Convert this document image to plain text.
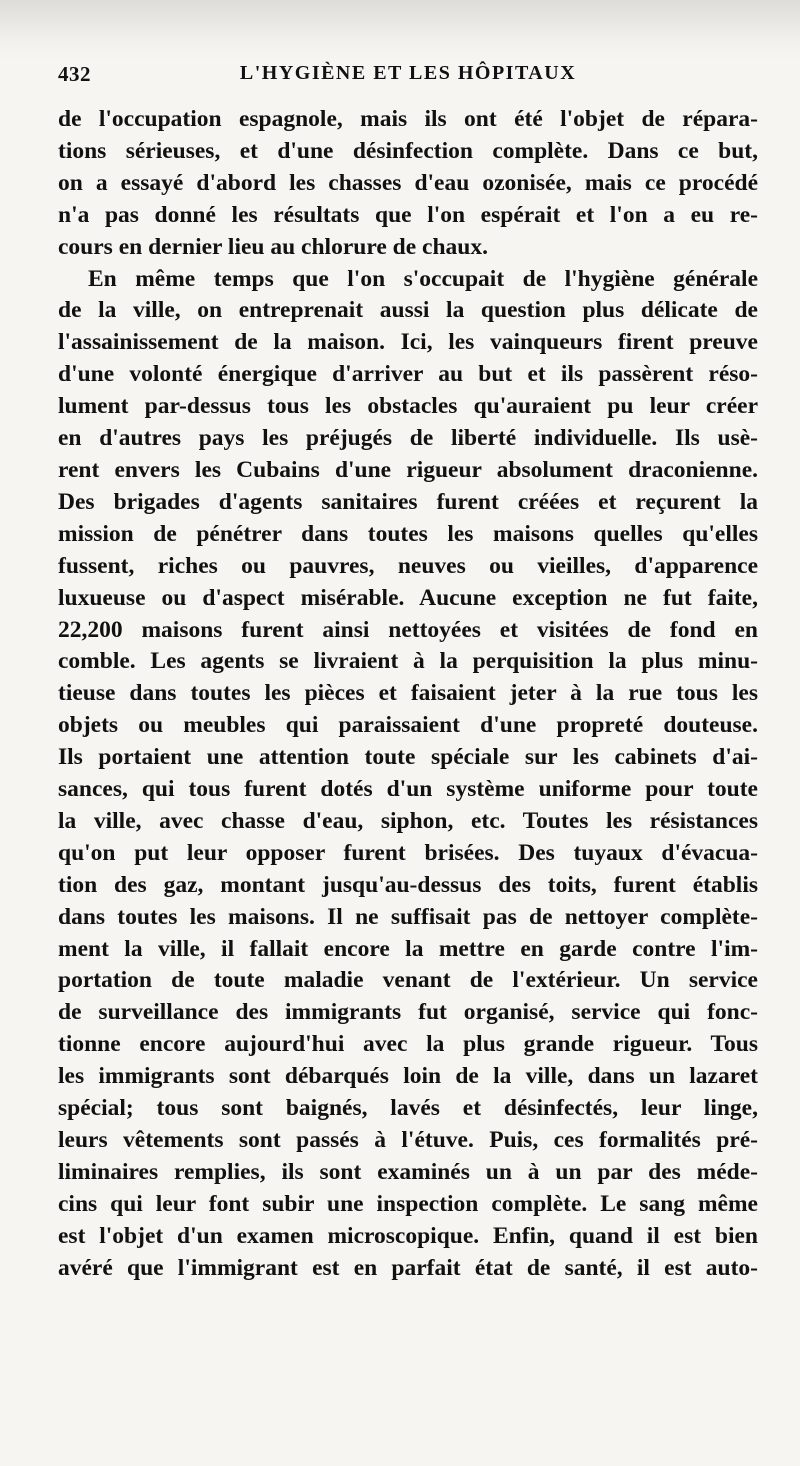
432	L'HYGIÈNE ET LES HÔPITAUX
de l'occupation espagnole, mais ils ont été l'objet de répara-
tions sérieuses, et d'une désinfection complète. Dans ce but,
on a essayé d'abord les chasses d'eau ozonisée, mais ce procédé
n'a pas donné les résultats que l'on espérait et l'on a eu re-
cours en dernier lieu au chlorure de chaux.
En même temps que l'on s'occupait de l'hygiène générale
de la ville, on entreprenait aussi la question plus délicate de
l'assainissement de la maison. Ici, les vainqueurs firent preuve
d'une volonté énergique d'arriver au but et ils passèrent réso-
lument par-dessus tous les obstacles qu'auraient pu leur créer
en d'autres pays les préjugés de liberté individuelle. Ils usè-
rent envers les Cubains d'une rigueur absolument draconienne.
Des brigades d'agents sanitaires furent créées et reçurent la
mission de pénétrer dans toutes les maisons quelles qu'elles
fussent, riches ou pauvres, neuves ou vieilles, d'apparence
luxueuse ou d'aspect misérable. Aucune exception ne fut faite,
22,200 maisons furent ainsi nettoyées et visitées de fond en
comble. Les agents se livraient à la perquisition la plus minu-
tieuse dans toutes les pièces et faisaient jeter à la rue tous les
objets ou meubles qui paraissaient d'une propreté douteuse.
Ils portaient une attention toute spéciale sur les cabinets d'ai-
sances, qui tous furent dotés d'un système uniforme pour toute
la ville, avec chasse d'eau, siphon, etc. Toutes les résistances
qu'on put leur opposer furent brisées. Des tuyaux d'évacua-
tion des gaz, montant jusqu'au-dessus des toits, furent établis
dans toutes les maisons. Il ne suffisait pas de nettoyer complète-
ment la ville, il fallait encore la mettre en garde contre l'im-
portation de toute maladie venant de l'extérieur. Un service
de surveillance des immigrants fut organisé, service qui fonc-
tionne encore aujourd'hui avec la plus grande rigueur. Tous
les immigrants sont débarqués loin de la ville, dans un lazaret
spécial; tous sont baignés, lavés et désinfectés, leur linge,
leurs vêtements sont passés à l'étuve. Puis, ces formalités pré-
liminaires remplies, ils sont examinés un à un par des méde-
cins qui leur font subir une inspection complète. Le sang même
est l'objet d'un examen microscopique. Enfin, quand il est bien
avéré que l'immigrant est en parfait état de santé, il est auto-
